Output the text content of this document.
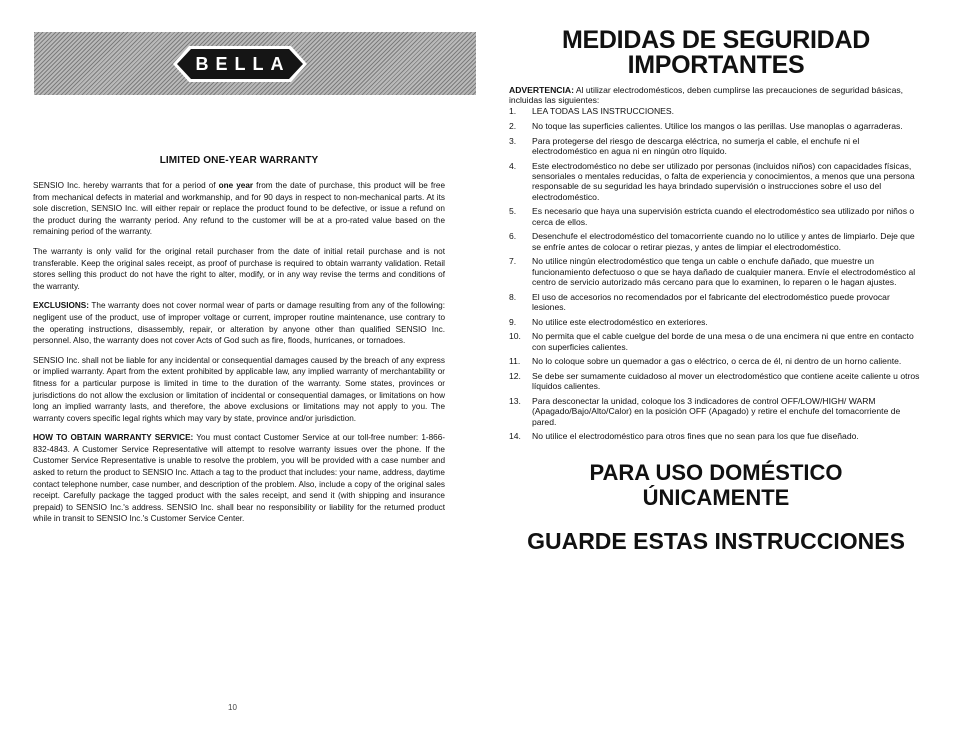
BELLA
LIMITED ONE-YEAR WARRANTY

SENSIO Inc. hereby warrants that for a period of one year from the date of purchase, this product will be free from mechanical defects in material and workmanship, and for 90 days in respect to non-mechanical parts. At its sole discretion, SENSIO Inc. will either repair or replace the product found to be defective, or issue a refund on the product during the warranty period. Any refund to the customer will be at a pro-rated value based on the remaining period of the warranty.

The warranty is only valid for the original retail purchaser from the date of initial retail purchase and is not transferable. Keep the original sales receipt, as proof of purchase is required to obtain warranty validation. Retail stores selling this product do not have the right to alter, modify, or in any way revise the terms and conditions of the warranty.

EXCLUSIONS: The warranty does not cover normal wear of parts or damage resulting from any of the following: negligent use of the product, use of improper voltage or current, improper routine maintenance, use contrary to the operating instructions, disassembly, repair, or alteration by anyone other than qualified SENSIO Inc. personnel. Also, the warranty does not cover Acts of God such as fire, floods, hurricanes, or tornadoes.

SENSIO Inc. shall not be liable for any incidental or consequential damages caused by the breach of any express or implied warranty. Apart from the extent prohibited by applicable law, any implied warranty of merchantability or fitness for a particular purpose is limited in time to the duration of the warranty. Some states, provinces or jurisdictions do not allow the exclusion or limitation of incidental or consequential damages, or limitations on how long an implied warranty lasts, and therefore, the above exclusions or limitations may not apply to you. The warranty covers specific legal rights which may vary by state, province and/or jurisdiction.

HOW TO OBTAIN WARRANTY SERVICE: You must contact Customer Service at our toll-free number: 1-866-832-4843. A Customer Service Representative will attempt to resolve warranty issues over the phone. If the Customer Service Representative is unable to resolve the problem, you will be provided with a case number and asked to return the product to SENSIO Inc. Attach a tag to the product that includes: your name, address, daytime contact telephone number, case number, and description of the problem. Also, include a copy of the original sales receipt. Carefully package the tagged product with the sales receipt, and send it (with shipping and insurance prepaid) to SENSIO Inc.'s address. SENSIO Inc. shall bear no responsibility or liability for the returned product while in transit to SENSIO Inc.'s Customer Service Center.

10
MEDIDAS DE SEGURIDAD
IMPORTANTES

ADVERTENCIA: Al utilizar electrodomésticos, deben cumplirse las precauciones de seguridad básicas, incluidas las siguientes:

1. LEA TODAS LAS INSTRUCCIONES.
2. No toque las superficies calientes. Utilice los mangos o las perillas. Use manoplas o agarraderas.
3. Para protegerse del riesgo de descarga eléctrica, no sumerja el cable, el enchufe ni el electrodoméstico en agua ni en ningún otro líquido.
4. Este electrodoméstico no debe ser utilizado por personas (incluidos niños) con capacidades físicas, sensoriales o mentales reducidas, o falta de experiencia y conocimientos, a menos que una persona responsable de su seguridad les haya brindado supervisión o instrucciones sobre el uso del electrodoméstico.
5. Es necesario que haya una supervisión estricta cuando el electrodoméstico sea utilizado por niños o cerca de ellos.
6. Desenchufe el electrodoméstico del tomacorriente cuando no lo utilice y antes de limpiarlo. Deje que se enfríe antes de colocar o retirar piezas, y antes de limpiar el electrodoméstico.
7. No utilice ningún electrodoméstico que tenga un cable o enchufe dañado, que muestre un funcionamiento defectuoso o que se haya dañado de cualquier manera. Envíe el electrodoméstico al centro de servicio autorizado más cercano para que lo examinen, lo reparen o le hagan ajustes.
8. El uso de accesorios no recomendados por el fabricante del electrodoméstico puede provocar lesiones.
9. No utilice este electrodoméstico en exteriores.
10. No permita que el cable cuelgue del borde de una mesa o de una encimera ni que entre en contacto con superficies calientes.
11. No lo coloque sobre un quemador a gas o eléctrico, o cerca de él, ni dentro de un horno caliente.
12. Se debe ser sumamente cuidadoso al mover un electrodoméstico que contiene aceite caliente u otros líquidos calientes.
13. Para desconectar la unidad, coloque los 3 indicadores de control OFF/LOW/HIGH/ WARM (Apagado/Bajo/Alto/Calor) en la posición OFF (Apagado) y retire el enchufe del tomacorriente de pared.
14. No utilice el electrodoméstico para otros fines que no sean para los que fue diseñado.
PARA USO DOMÉSTICO
ÚNICAMENTE
GUARDE ESTAS INSTRUCCIONES
